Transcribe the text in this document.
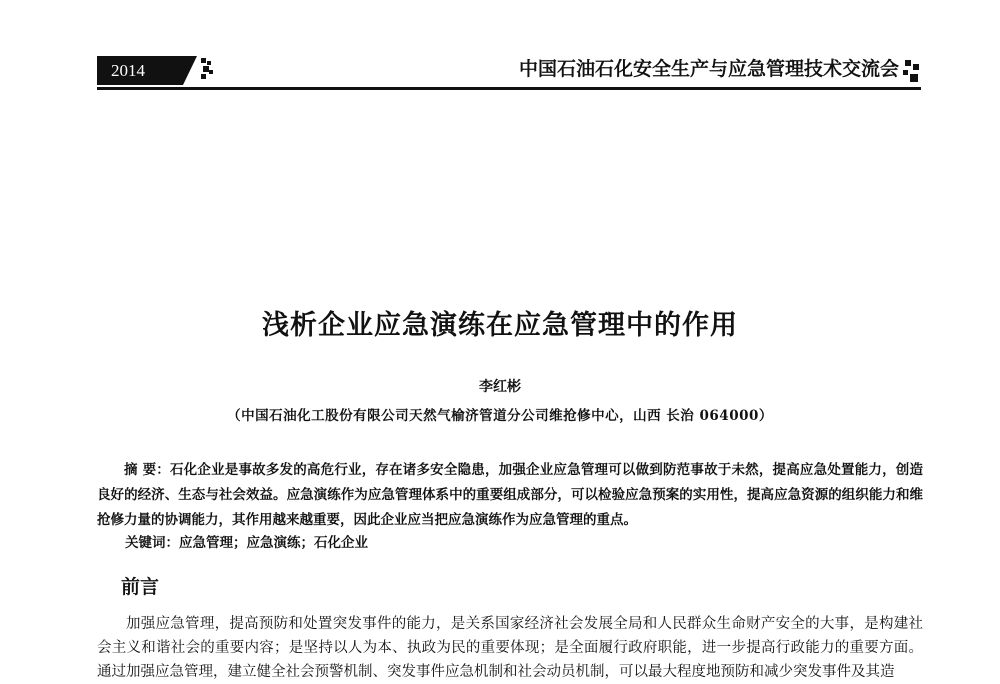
2014	中国石油石化安全生产与应急管理技术交流会
浅析企业应急演练在应急管理中的作用
李红彬
（中国石油化工股份有限公司天然气榆济管道分公司维抢修中心，山西 长治 064000）
摘 要：石化企业是事故多发的高危行业，存在诸多安全隐患，加强企业应急管理可以做到防范事故于未然，提高应急处置能力，创造良好的经济、生态与社会效益。应急演练作为应急管理体系中的重要组成部分，可以检验应急预案的实用性，提高应急资源的组织能力和维抢修力量的协调能力，其作用越来越重要，因此企业应当把应急演练作为应急管理的重点。
关键词：应急管理；应急演练；石化企业
前言
加强应急管理，提高预防和处置突发事件的能力，是关系国家经济社会发展全局和人民群众生命财产安全的大事，是构建社会主义和谐社会的重要内容；是坚持以人为本、执政为民的重要体现；是全面履行政府职能，进一步提高行政能力的重要方面。通过加强应急管理，建立健全社会预警机制、突发事件应急机制和社会动员机制，可以最大程度地预防和减少突发事件及其造
